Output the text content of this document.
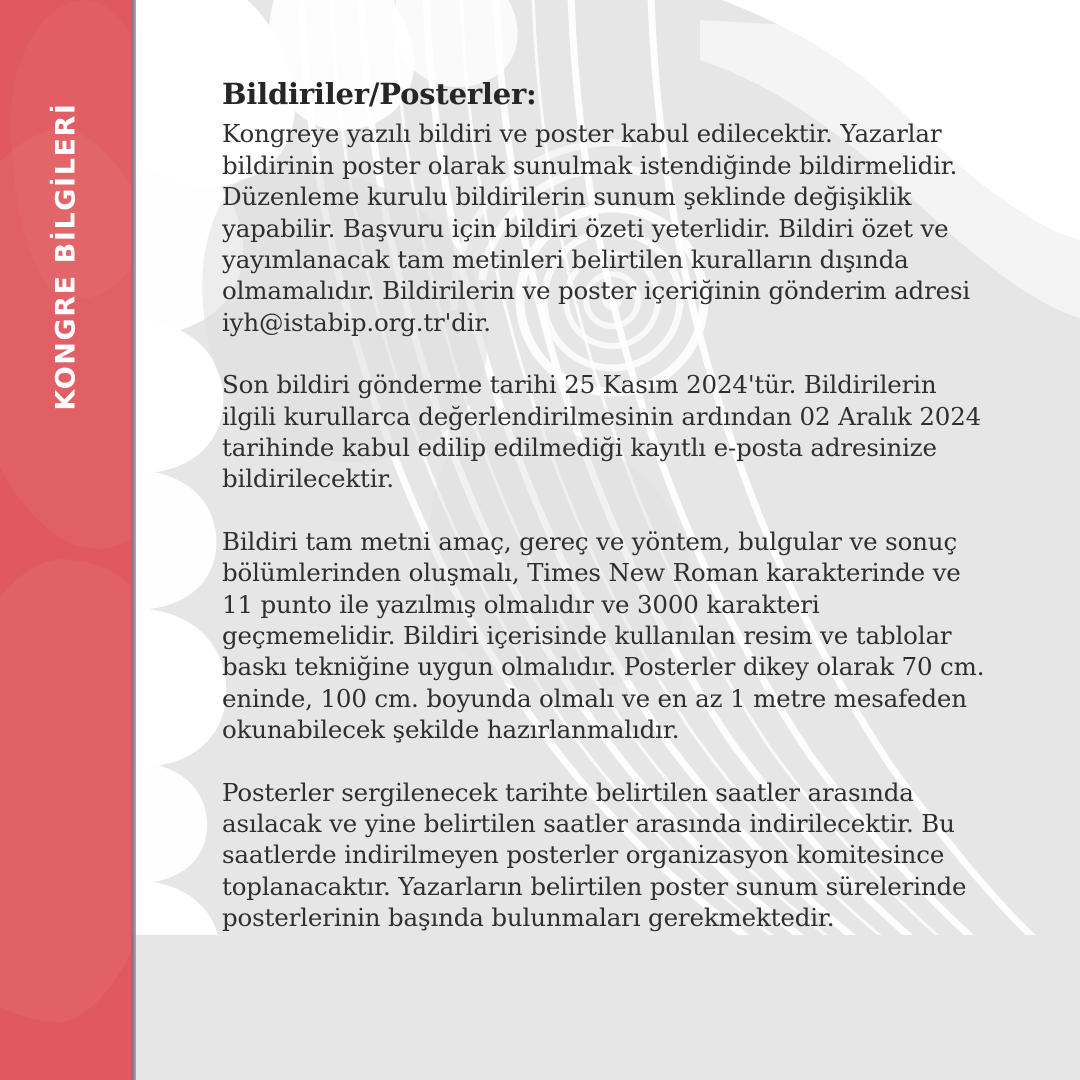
KONGRE BİLGİLERİ
Bildiriler/Posterler:

Kongreye yazılı bildiri ve poster kabul edilecektir. Yazarlar bildirinin poster olarak sunulmak istendiğinde bildirmelidir. Düzenleme kurulu bildirilerin sunum şeklinde değişiklik yapabilir. Başvuru için bildiri özeti yeterlidir. Bildiri özet ve yayımlanacak tam metinleri belirtilen kuralların dışında olmamalıdır. Bildirilerin ve poster içeriğinin gönderim adresi iyh@istabip.org.tr'dir.

Son bildiri gönderme tarihi 25 Kasım 2024'tür. Bildirilerin ilgili kurullarca değerlendirilmesinin ardından 02 Aralık 2024 tarihinde kabul edilip edilmediği kayıtlı e-posta adresinize bildirilecektir.

Bildiri tam metni amaç, gereç ve yöntem, bulgular ve sonuç bölümlerinden oluşmalı, Times New Roman karakterinde ve 11 punto ile yazılmış olmalıdır ve 3000 karakteri geçmemelidir. Bildiri içerisinde kullanılan resim ve tablolar baskı tekniğine uygun olmalıdır. Posterler dikey olarak 70 cm. eninde, 100 cm. boyunda olmalı ve en az 1 metre mesafeden okunabilecek şekilde hazırlanmalıdır.

Posterler sergilenecek tarihte belirtilen saatler arasında asılacak ve yine belirtilen saatler arasında indirilecektir. Bu saatlerde indirilmeyen posterler organizasyon komitesince toplanacaktır. Yazarların belirtilen poster sunum sürelerinde posterlerinin başında bulunmaları gerekmektedir.
